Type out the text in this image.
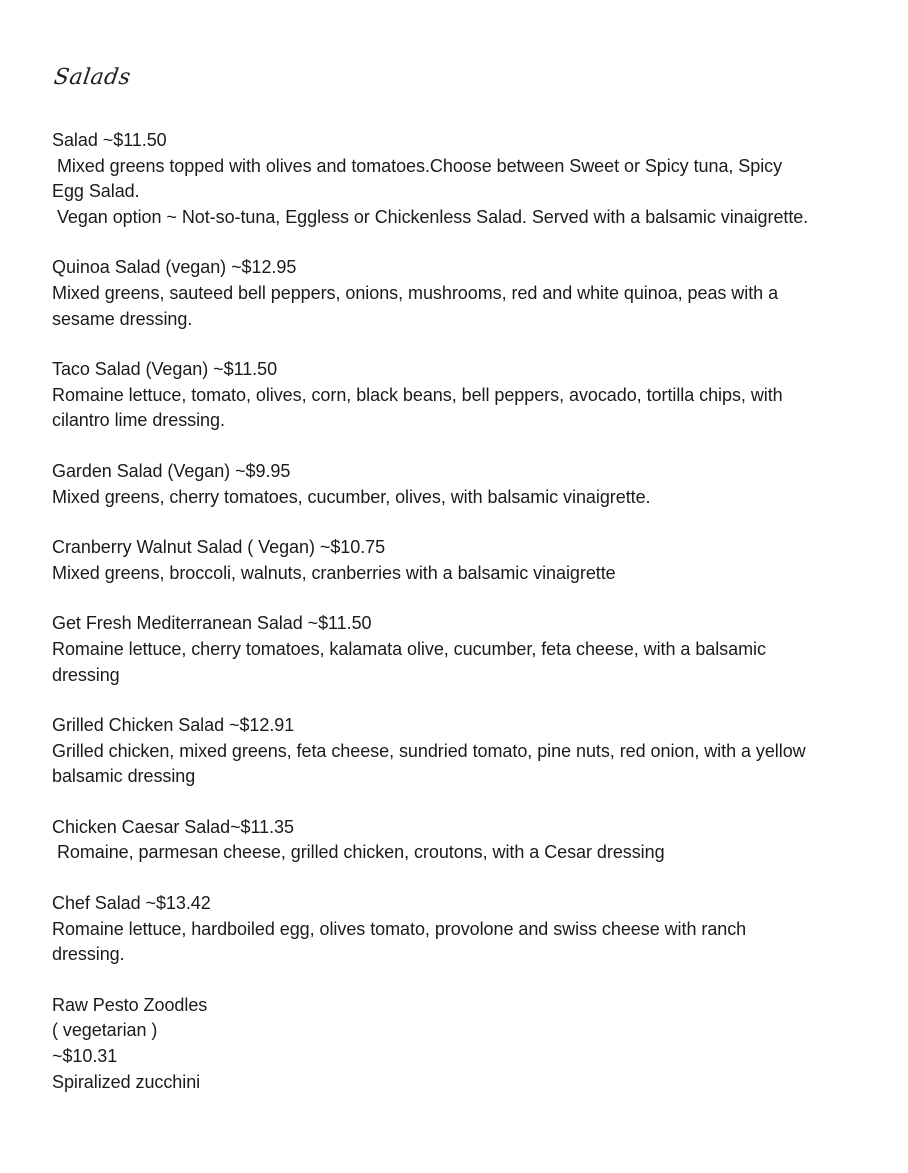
Salads
Salad ~$11.50
Mixed greens topped with olives and tomatoes.Choose between Sweet or Spicy tuna, Spicy
Egg Salad.
Vegan option ~ Not-so-tuna, Eggless or Chickenless Salad. Served with a balsamic vinaigrette.
Quinoa Salad (vegan) ~$12.95
Mixed greens, sauteed bell peppers, onions, mushrooms, red and white quinoa, peas with a
sesame dressing.
Taco Salad (Vegan) ~$11.50
Romaine lettuce, tomato, olives, corn, black beans, bell peppers, avocado, tortilla chips, with
cilantro lime dressing.
Garden Salad (Vegan) ~$9.95
Mixed greens, cherry tomatoes, cucumber, olives, with balsamic vinaigrette.
Cranberry Walnut Salad ( Vegan) ~$10.75
Mixed greens, broccoli, walnuts, cranberries with a balsamic vinaigrette
Get Fresh Mediterranean Salad ~$11.50
Romaine lettuce, cherry tomatoes, kalamata olive, cucumber, feta cheese, with a balsamic
dressing
Grilled Chicken Salad ~$12.91
Grilled chicken, mixed greens, feta cheese, sundried tomato, pine nuts, red onion, with a yellow
balsamic dressing
Chicken Caesar Salad~$11.35
Romaine, parmesan cheese, grilled chicken, croutons, with a Cesar dressing
Chef Salad ~$13.42
Romaine lettuce, hardboiled egg, olives tomato, provolone and swiss cheese with ranch
dressing.
Raw Pesto Zoodles
( vegetarian )
~$10.31
Spiralized zucchini
